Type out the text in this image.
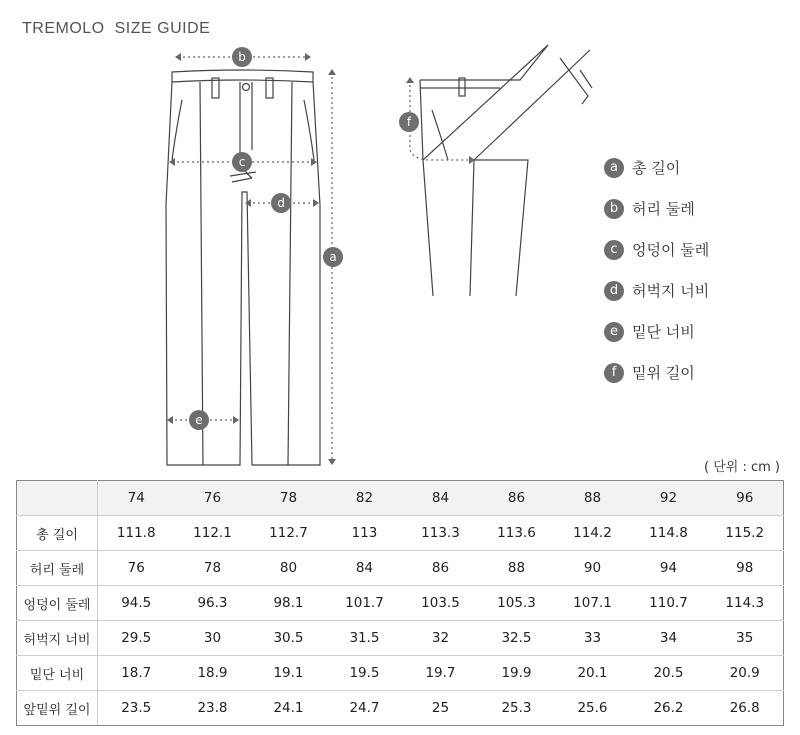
TREMOLO SIZE GUIDE
b
a
c
d
e
f
a 총 길이
b 허리 둘레
c 엉덩이 둘레
d 허벅지 너비
e 밑단 너비
f	밑위 길이
( 단위 : cm )
	74	76	78	82	84	86	88	92	96
총 길이	111.8	112.1	112.7	113	113.3	113.6	114.2	114.8	115.2
허리 둘레	76	78	80	84	86	88	90	94	98
엉덩이 둘레	94.5	96.3	98.1	101.7	103.5	105.3	107.1	110.7	114.3
허벅지 너비	29.5	30	30.5	31.5	32	32.5	33	34	35
밑단 너비	18.7	18.9	19.1	19.5	19.7	19.9	20.1	20.5	20.9
앞밑위 길이	23.5	23.8	24.1	24.7	25	25.3	25.6	26.2	26.8
